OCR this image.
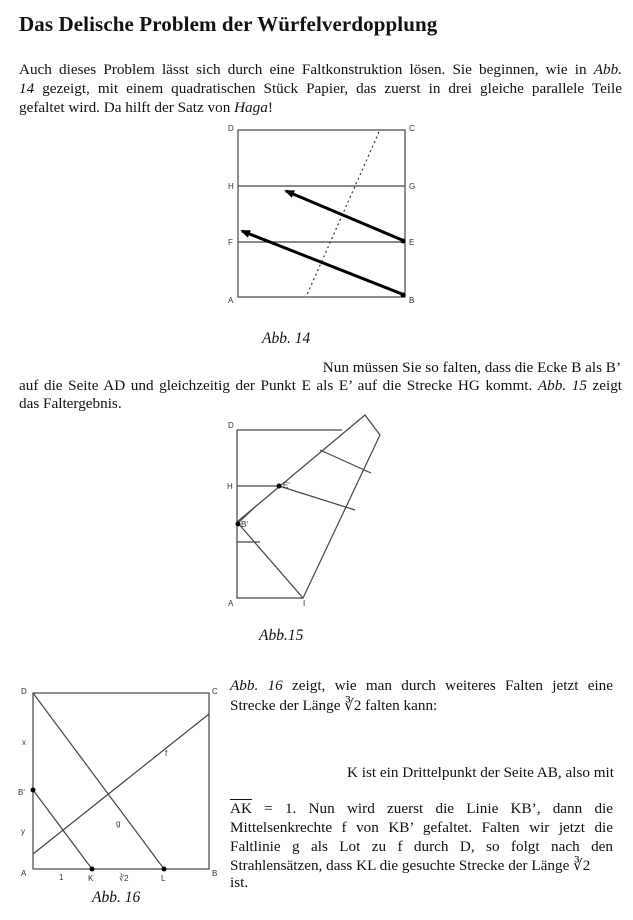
Das Delische Problem der Würfelverdopplung
Auch dieses Problem lässt sich durch eine Faltkonstruktion lösen. Sie beginnen, wie in Abb.
14 gezeigt, mit einem quadratischen Stück Papier, das zuerst in drei gleiche parallele Teile
gefaltet wird. Da hilft der Satz von Haga!
D	C
H	G
F	E
A	B
Abb. 14
Nun müssen Sie so falten, dass die Ecke B als B’
auf die Seite AD und gleichzeitig der Punkt E als E’ auf die Strecke HG kommt. Abb. 15 zeigt
das Faltergebnis.
D
H	E'
B'
A	I
Abb.15
D	C
x
f
B'
g
y
A	1	K	∛2	L
B
Abb. 16
Abb. 16 zeigt, wie man durch weiteres Falten jetzt eine
Strecke der Länge ∛2 falten kann:
K ist ein Drittelpunkt der Seite AB, also mit
$\overline{AK} = 1$. Nun wird zuerst die Linie KB’, dann die
Mittelsenkrechte f von KB’ gefaltet. Falten wir jetzt die
Faltlinie g als Lot zu f durch D, so folgt nach den
Strahlensätzen, dass KL die gesuchte Strecke der Länge ∛2
ist.
